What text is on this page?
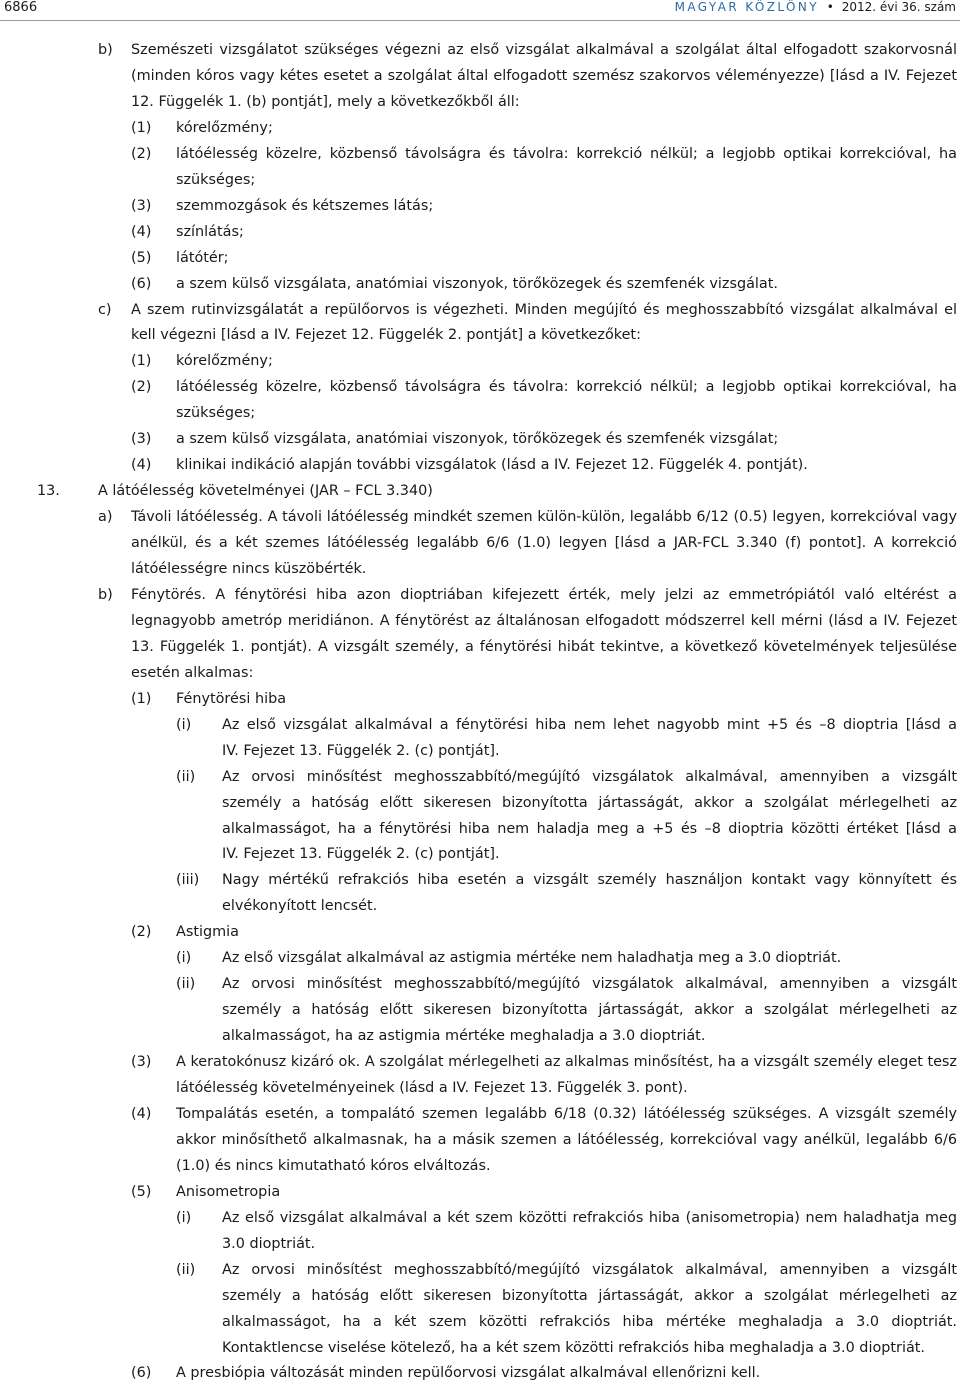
6866	MAGYAR KÖZLÖNY • 2012. évi 36. szám
b) Szemészeti vizsgálatot szükséges végezni az első vizsgálat alkalmával a szolgálat által elfogadott szakorvosnál
(minden kóros vagy kétes esetet a szolgálat által elfogadott szemész szakorvos véleményezze) [lásd a IV. Fejezet
12. Függelék 1. (b) pontját], mely a következőkből áll:
(1) kórelőzmény;
(2) látóélesség közelre, közbenső távolságra és távolra: korrekció nélkül; a legjobb optikai korrekcióval, ha
szükséges;
(3) szemmozgások és kétszemes látás;
(4) színlátás;
(5) látótér;
(6) a szem külső vizsgálata, anatómiai viszonyok, törőközegek és szemfenék vizsgálat.
c) A szem rutinvizsgálatát a repülőorvos is végezheti. Minden megújító és meghosszabbító vizsgálat alkalmával el
kell végezni [lásd a IV. Fejezet 12. Függelék 2. pontját] a következőket:
(1) kórelőzmény;
(2) látóélesség közelre, közbenső távolságra és távolra: korrekció nélkül; a legjobb optikai korrekcióval, ha
szükséges;
(3) a szem külső vizsgálata, anatómiai viszonyok, törőközegek és szemfenék vizsgálat;
(4) klinikai indikáció alapján további vizsgálatok (lásd a IV. Fejezet 12. Függelék 4. pontját).
13.	A látóélesség követelményei (JAR – FCL 3.340)
a) Távoli látóélesség. A távoli látóélesség mindkét szemen külön-külön, legalább 6/12 (0.5) legyen, korrekcióval vagy
anélkül, és a két szemes látóélesség legalább 6/6 (1.0) legyen [lásd a JAR-FCL 3.340 (f) pontot]. A korrekció
látóélességre nincs küszöbérték.
b) Fénytörés. A fénytörési hiba azon dioptriában kifejezett érték, mely jelzi az emmetrópiától való eltérést a
legnagyobb ametróp meridiánon. A fénytörést az általánosan elfogadott módszerrel kell mérni (lásd a IV. Fejezet
13. Függelék 1. pontját). A vizsgált személy, a fénytörési hibát tekintve, a következő követelmények teljesülése
esetén alkalmas:
(1) Fénytörési hiba
(i) Az első vizsgálat alkalmával a fénytörési hiba nem lehet nagyobb mint +5 és –8 dioptria [lásd a
IV. Fejezet 13. Függelék 2. (c) pontját].
(ii) Az orvosi minősítést meghosszabbító/megújító vizsgálatok alkalmával, amennyiben a vizsgált
személy a hatóság előtt sikeresen bizonyította jártasságát, akkor a szolgálat mérlegelheti az
alkalmasságot, ha a fénytörési hiba nem haladja meg a +5 és –8 dioptria közötti értéket [lásd a
IV. Fejezet 13. Függelék 2. (c) pontját].
(iii) Nagy mértékű refrakciós hiba esetén a vizsgált személy használjon kontakt vagy könnyített és
elvékonyított lencsét.
(2) Astigmia
(i) Az első vizsgálat alkalmával az astigmia mértéke nem haladhatja meg a 3.0 dioptriát.
(ii) Az orvosi minősítést meghosszabbító/megújító vizsgálatok alkalmával, amennyiben a vizsgált
személy a hatóság előtt sikeresen bizonyította jártasságát, akkor a szolgálat mérlegelheti az
alkalmasságot, ha az astigmia mértéke meghaladja a 3.0 dioptriát.
(3) A keratokónusz kizáró ok. A szolgálat mérlegelheti az alkalmas minősítést, ha a vizsgált személy eleget tesz
látóélesség követelményeinek (lásd a IV. Fejezet 13. Függelék 3. pont).
(4) Tompalátás esetén, a tompalátó szemen legalább 6/18 (0.32) látóélesség szükséges. A vizsgált személy
akkor minősíthető alkalmasnak, ha a másik szemen a látóélesség, korrekcióval vagy anélkül, legalább 6/6
(1.0) és nincs kimutatható kóros elváltozás.
(5) Anisometropia
(i) Az első vizsgálat alkalmával a két szem közötti refrakciós hiba (anisometropia) nem haladhatja meg
3.0 dioptriát.
(ii) Az orvosi minősítést meghosszabbító/megújító vizsgálatok alkalmával, amennyiben a vizsgált
személy a hatóság előtt sikeresen bizonyította jártasságát, akkor a szolgálat mérlegelheti az
alkalmasságot, ha a két szem közötti refrakciós hiba mértéke meghaladja a 3.0 dioptriát.
Kontaktlencse viselése kötelező, ha a két szem közötti refrakciós hiba meghaladja a 3.0 dioptriát.
(6) A presbiópia változását minden repülőorvosi vizsgálat alkalmával ellenőrizni kell.
